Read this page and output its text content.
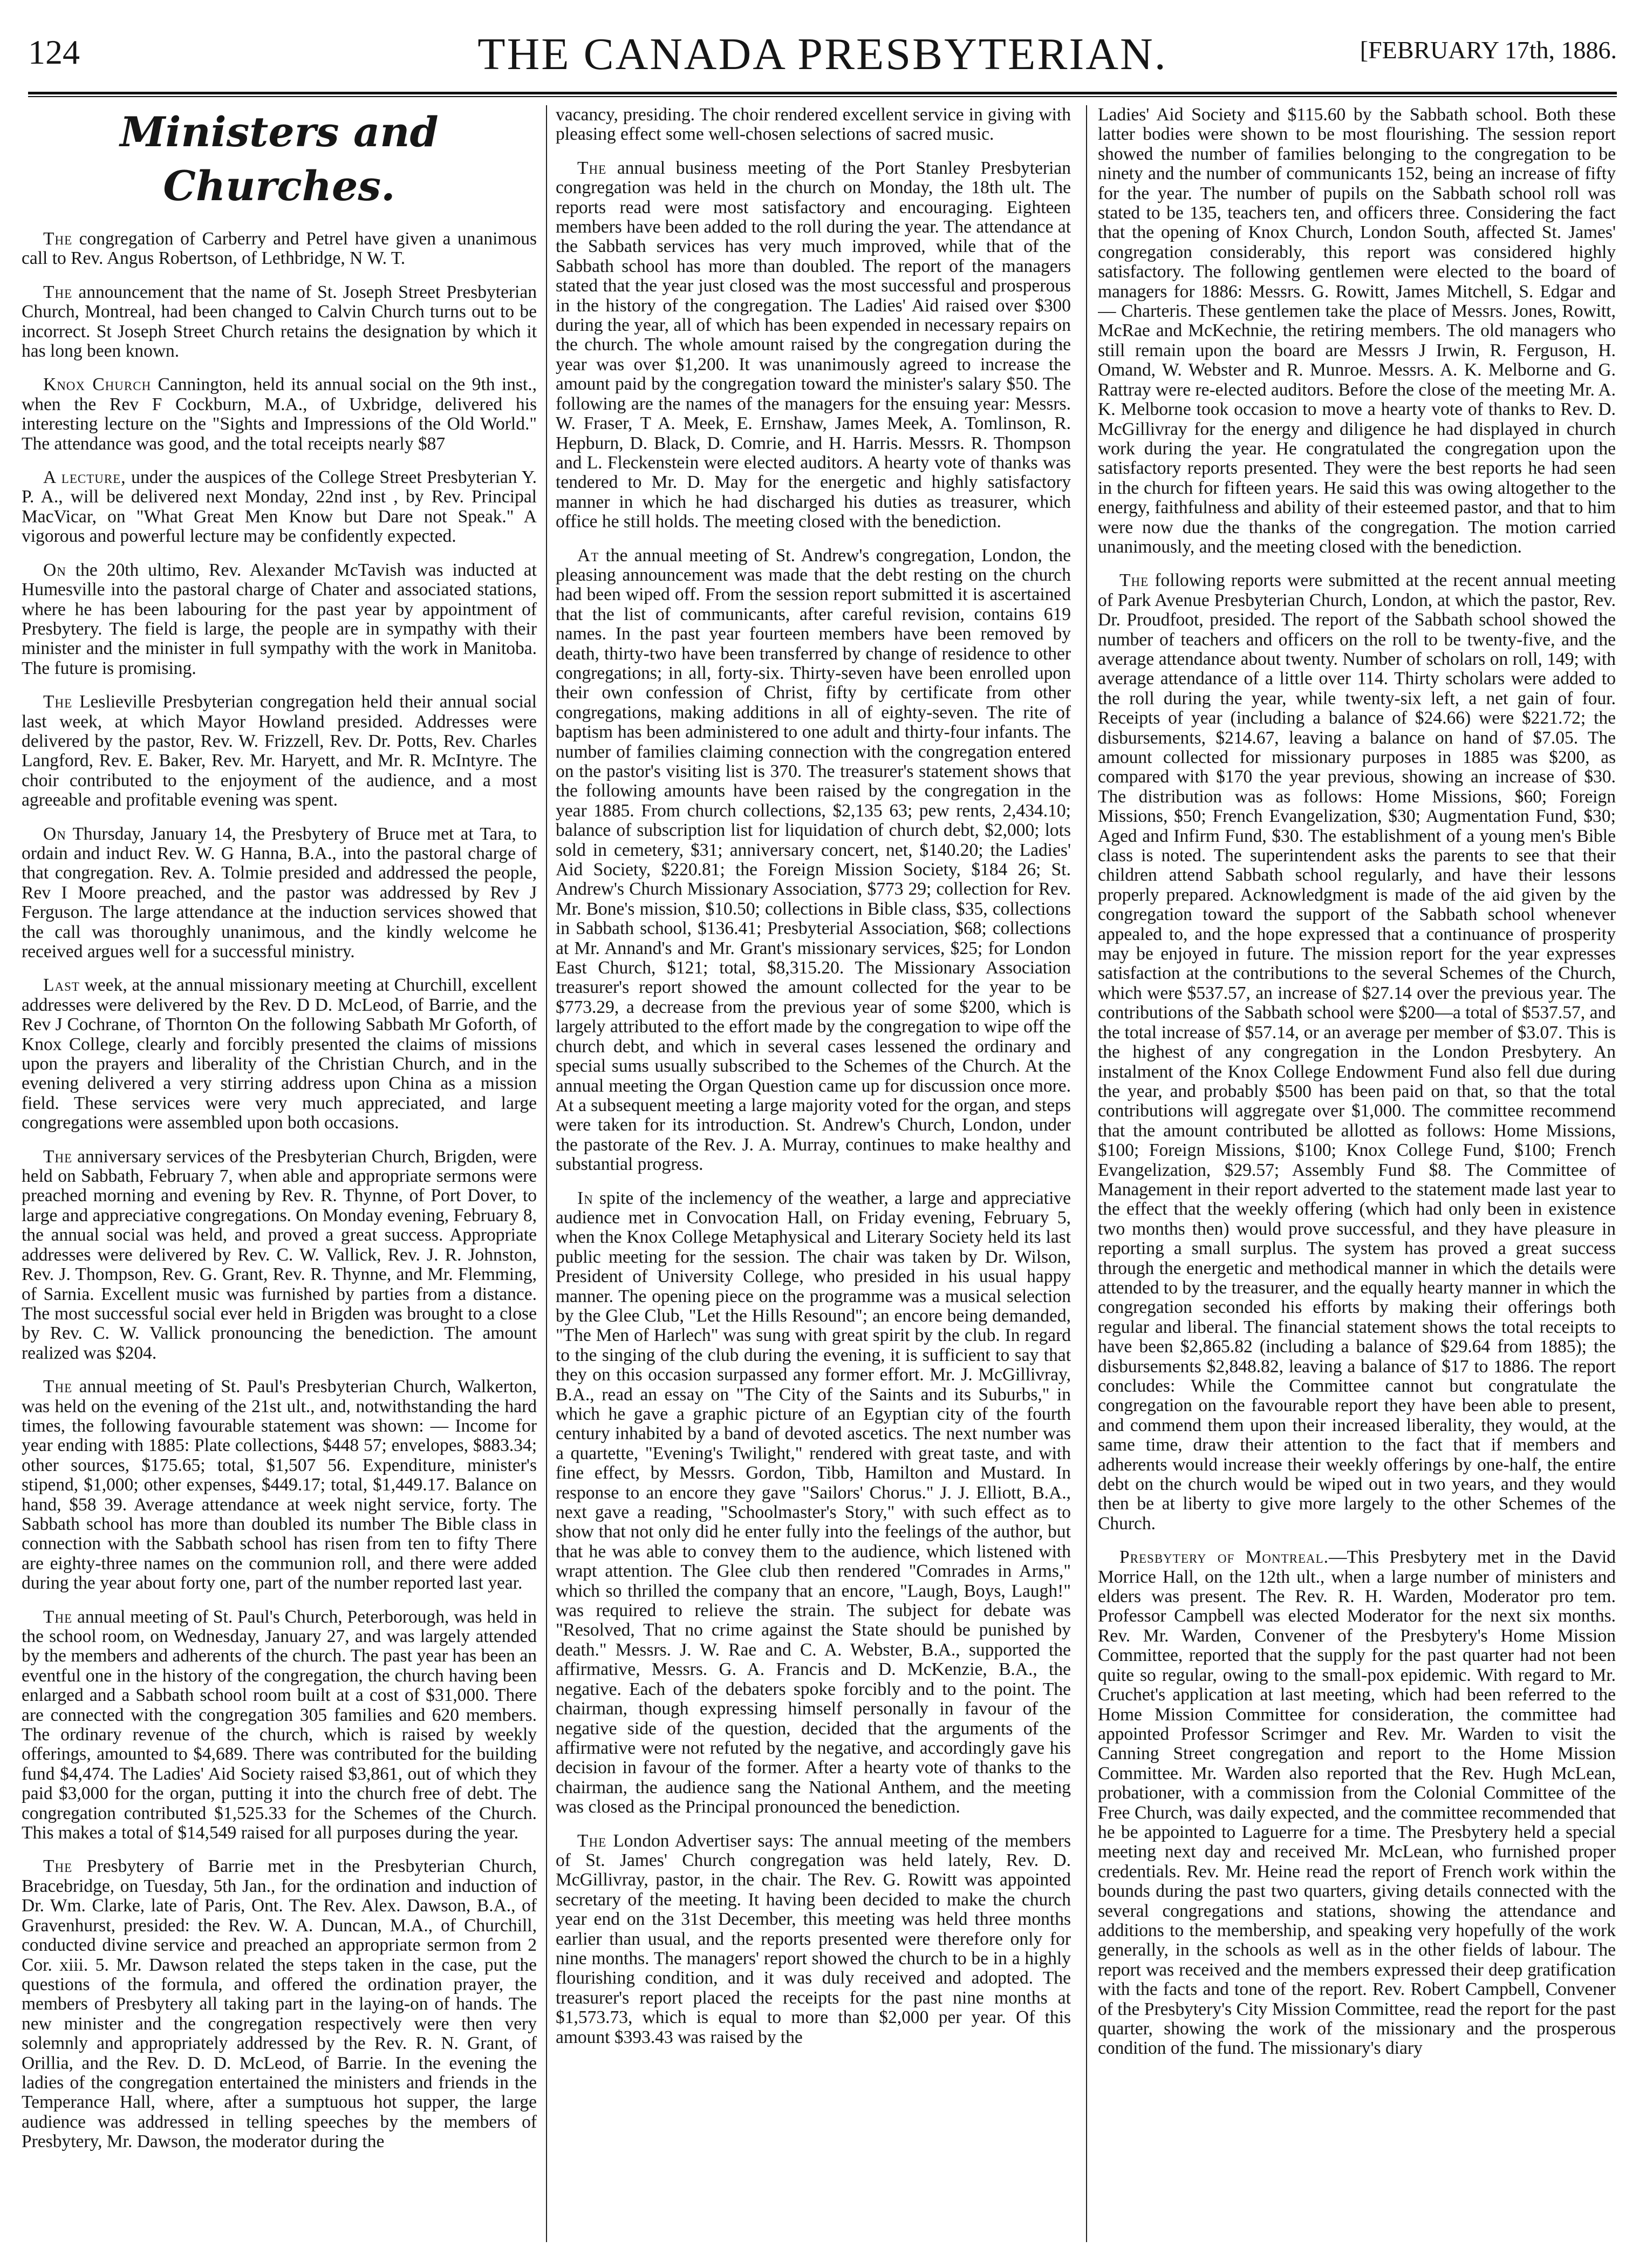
124	THE CANADA PRESBYTERIAN.	[FEBRUARY 17th, 1886.
Ministers and Churches.

The congregation of Carberry and Petrel have given a unanimous call to Rev. Angus Robertson, of Lethbridge, N W. T.

The announcement that the name of St. Joseph Street Presbyterian Church, Montreal, had been changed to Calvin Church turns out to be incorrect. St Joseph Street Church retains the designation by which it has long been known.

Knox Church Cannington, held its annual social on the 9th inst., when the Rev F Cockburn, M.A., of Uxbridge, delivered his interesting lecture on the "Sights and Impressions of the Old World." The attendance was good, and the total receipts nearly $87

A lecture, under the auspices of the College Street Presbyterian Y. P. A., will be delivered next Monday, 22nd inst , by Rev. Principal MacVicar, on "What Great Men Know but Dare not Speak." A vigorous and powerful lecture may be confidently expected.

On the 20th ultimo, Rev. Alexander McTavish was inducted at Humesville into the pastoral charge of Chater and associated stations, where he has been labouring for the past year by appointment of Presbytery. The field is large, the people are in sympathy with their minister and the minister in full sympathy with the work in Manitoba. The future is promising.

The Leslieville Presbyterian congregation held their annual social last week, at which Mayor Howland presided. Addresses were delivered by the pastor, Rev. W. Frizzell, Rev. Dr. Potts, Rev. Charles Langford, Rev. E. Baker, Rev. Mr. Haryett, and Mr. R. McIntyre. The choir contributed to the enjoyment of the audience, and a most agreeable and profitable evening was spent.

On Thursday, January 14, the Presbytery of Bruce met at Tara, to ordain and induct Rev. W. G Hanna, B.A., into the pastoral charge of that congregation. Rev. A. Tolmie presided and addressed the people, Rev I Moore preached, and the pastor was addressed by Rev J Ferguson. The large attendance at the induction services showed that the call was thoroughly unanimous, and the kindly welcome he received argues well for a successful ministry.

Last week, at the annual missionary meeting at Churchill, excellent addresses were delivered by the Rev. D D. McLeod, of Barrie, and the Rev J Cochrane, of Thornton On the following Sabbath Mr Goforth, of Knox College, clearly and forcibly presented the claims of missions upon the prayers and liberality of the Christian Church, and in the evening delivered a very stirring address upon China as a mission field. These services were very much appreciated, and large congregations were assembled upon both occasions.

The anniversary services of the Presbyterian Church, Brigden, were held on Sabbath, February 7, when able and appropriate sermons were preached morning and evening by Rev. R. Thynne, of Port Dover, to large and appreciative congregations. On Monday evening, February 8, the annual social was held, and proved a great success. Appropriate addresses were delivered by Rev. C. W. Vallick, Rev. J. R. Johnston, Rev. J. Thompson, Rev. G. Grant, Rev. R. Thynne, and Mr. Flemming, of Sarnia. Excellent music was furnished by parties from a distance. The most successful social ever held in Brigden was brought to a close by Rev. C. W. Vallick pronouncing the benediction. The amount realized was $204.

The annual meeting of St. Paul's Presbyterian Church, Walkerton, was held on the evening of the 21st ult., and, notwithstanding the hard times, the following favourable statement was shown: — Income for year ending with 1885: Plate collections, $448 57; envelopes, $883.34; other sources, $175.65; total, $1,507 56. Expenditure, minister's stipend, $1,000; other expenses, $449.17; total, $1,449.17. Balance on hand, $58 39. Average attendance at week night service, forty. The Sabbath school has more than doubled its number The Bible class in connection with the Sabbath school has risen from ten to fifty There are eighty-three names on the communion roll, and there were added during the year about forty one, part of the number reported last year.

The annual meeting of St. Paul's Church, Peterborough, was held in the school room, on Wednesday, January 27, and was largely attended by the members and adherents of the church. The past year has been an eventful one in the history of the congregation, the church having been enlarged and a Sabbath school room built at a cost of $31,000. There are connected with the congregation 305 families and 620 members. The ordinary revenue of the church, which is raised by weekly offerings, amounted to $4,689. There was contributed for the building fund $4,474. The Ladies' Aid Society raised $3,861, out of which they paid $3,000 for the organ, putting it into the church free of debt. The congregation contributed $1,525.33 for the Schemes of the Church. This makes a total of $14,549 raised for all purposes during the year.

The Presbytery of Barrie met in the Presbyterian Church, Bracebridge, on Tuesday, 5th Jan., for the ordination and induction of Dr. Wm. Clarke, late of Paris, Ont. The Rev. Alex. Dawson, B.A., of Gravenhurst, presided: the Rev. W. A. Duncan, M.A., of Churchill, conducted divine service and preached an appropriate sermon from 2 Cor. xiii. 5. Mr. Dawson related the steps taken in the case, put the questions of the formula, and offered the ordination prayer, the members of Presbytery all taking part in the laying-on of hands. The new minister and the congregation respectively were then very solemnly and appropriately addressed by the Rev. R. N. Grant, of Orillia, and the Rev. D. D. McLeod, of Barrie. In the evening the ladies of the congregation entertained the ministers and friends in the Temperance Hall, where, after a sumptuous hot supper, the large audience was addressed in telling speeches by the members of Presbytery, Mr. Dawson, the moderator during the

vacancy, presiding. The choir rendered excellent service in giving with pleasing effect some well-chosen selections of sacred music.

The annual business meeting of the Port Stanley Presbyterian congregation was held in the church on Monday, the 18th ult. The reports read were most satisfactory and encouraging. Eighteen members have been added to the roll during the year. The attendance at the Sabbath services has very much improved, while that of the Sabbath school has more than doubled. The report of the managers stated that the year just closed was the most successful and prosperous in the history of the congregation. The Ladies' Aid raised over $300 during the year, all of which has been expended in necessary repairs on the church. The whole amount raised by the congregation during the year was over $1,200. It was unanimously agreed to increase the amount paid by the congregation toward the minister's salary $50. The following are the names of the managers for the ensuing year: Messrs. W. Fraser, T A. Meek, E. Ernshaw, James Meek, A. Tomlinson, R. Hepburn, D. Black, D. Comrie, and H. Harris. Messrs. R. Thompson and L. Fleckenstein were elected auditors. A hearty vote of thanks was tendered to Mr. D. May for the energetic and highly satisfactory manner in which he had discharged his duties as treasurer, which office he still holds. The meeting closed with the benediction.

At the annual meeting of St. Andrew's congregation, London, the pleasing announcement was made that the debt resting on the church had been wiped off. From the session report submitted it is ascertained that the list of communicants, after careful revision, contains 619 names. In the past year fourteen members have been removed by death, thirty-two have been transferred by change of residence to other congregations; in all, forty-six. Thirty-seven have been enrolled upon their own confession of Christ, fifty by certificate from other congregations, making additions in all of eighty-seven. The rite of baptism has been administered to one adult and thirty-four infants. The number of families claiming connection with the congregation entered on the pastor's visiting list is 370. The treasurer's statement shows that the following amounts have been raised by the congregation in the year 1885. From church collections, $2,135 63; pew rents, 2,434.10; balance of subscription list for liquidation of church debt, $2,000; lots sold in cemetery, $31; anniversary concert, net, $140.20; the Ladies' Aid Society, $220.81; the Foreign Mission Society, $184 26; St. Andrew's Church Missionary Association, $773 29; collection for Rev. Mr. Bone's mission, $10.50; collections in Bible class, $35, collections in Sabbath school, $136.41; Presbyterial Association, $68; collections at Mr. Annand's and Mr. Grant's missionary services, $25; for London East Church, $121; total, $8,315.20. The Missionary Association treasurer's report showed the amount collected for the year to be $773.29, a decrease from the previous year of some $200, which is largely attributed to the effort made by the congregation to wipe off the church debt, and which in several cases lessened the ordinary and special sums usually subscribed to the Schemes of the Church. At the annual meeting the Organ Question came up for discussion once more. At a subsequent meeting a large majority voted for the organ, and steps were taken for its introduction. St. Andrew's Church, London, under the pastorate of the Rev. J. A. Murray, continues to make healthy and substantial progress.

In spite of the inclemency of the weather, a large and appreciative audience met in Convocation Hall, on Friday evening, February 5, when the Knox College Metaphysical and Literary Society held its last public meeting for the session. The chair was taken by Dr. Wilson, President of University College, who presided in his usual happy manner. The opening piece on the programme was a musical selection by the Glee Club, "Let the Hills Resound"; an encore being demanded, "The Men of Harlech" was sung with great spirit by the club. In regard to the singing of the club during the evening, it is sufficient to say that they on this occasion surpassed any former effort. Mr. J. McGillivray, B.A., read an essay on "The City of the Saints and its Suburbs," in which he gave a graphic picture of an Egyptian city of the fourth century inhabited by a band of devoted ascetics. The next number was a quartette, "Evening's Twilight," rendered with great taste, and with fine effect, by Messrs. Gordon, Tibb, Hamilton and Mustard. In response to an encore they gave "Sailors' Chorus." J. J. Elliott, B.A., next gave a reading, "Schoolmaster's Story," with such effect as to show that not only did he enter fully into the feelings of the author, but that he was able to convey them to the audience, which listened with wrapt attention. The Glee club then rendered "Comrades in Arms," which so thrilled the company that an encore, "Laugh, Boys, Laugh!" was required to relieve the strain. The subject for debate was "Resolved, That no crime against the State should be punished by death." Messrs. J. W. Rae and C. A. Webster, B.A., supported the affirmative, Messrs. G. A. Francis and D. McKenzie, B.A., the negative. Each of the debaters spoke forcibly and to the point. The chairman, though expressing himself personally in favour of the negative side of the question, decided that the arguments of the affirmative were not refuted by the negative, and accordingly gave his decision in favour of the former. After a hearty vote of thanks to the chairman, the audience sang the National Anthem, and the meeting was closed as the Principal pronounced the benediction.

The London Advertiser says: The annual meeting of the members of St. James' Church congregation was held lately, Rev. D. McGillivray, pastor, in the chair. The Rev. G. Rowitt was appointed secretary of the meeting. It having been decided to make the church year end on the 31st December, this meeting was held three months earlier than usual, and the reports presented were therefore only for nine months. The managers' report showed the church to be in a highly flourishing condition, and it was duly received and adopted. The treasurer's report placed the receipts for the past nine months at $1,573.73, which is equal to more than $2,000 per year. Of this amount $393.43 was raised by the

Ladies' Aid Society and $115.60 by the Sabbath school. Both these latter bodies were shown to be most flourishing. The session report showed the number of families belonging to the congregation to be ninety and the number of communicants 152, being an increase of fifty for the year. The number of pupils on the Sabbath school roll was stated to be 135, teachers ten, and officers three. Considering the fact that the opening of Knox Church, London South, affected St. James' congregation considerably, this report was considered highly satisfactory. The following gentlemen were elected to the board of managers for 1886: Messrs. G. Rowitt, James Mitchell, S. Edgar and — Charteris. These gentlemen take the place of Messrs. Jones, Rowitt, McRae and McKechnie, the retiring members. The old managers who still remain upon the board are Messrs J Irwin, R. Ferguson, H. Omand, W. Webster and R. Munroe. Messrs. A. K. Melborne and G. Rattray were re-elected auditors. Before the close of the meeting Mr. A. K. Melborne took occasion to move a hearty vote of thanks to Rev. D. McGillivray for the energy and diligence he had displayed in church work during the year. He congratulated the congregation upon the satisfactory reports presented. They were the best reports he had seen in the church for fifteen years. He said this was owing altogether to the energy, faithfulness and ability of their esteemed pastor, and that to him were now due the thanks of the congregation. The motion carried unanimously, and the meeting closed with the benediction.

The following reports were submitted at the recent annual meeting of Park Avenue Presbyterian Church, London, at which the pastor, Rev. Dr. Proudfoot, presided. The report of the Sabbath school showed the number of teachers and officers on the roll to be twenty-five, and the average attendance about twenty. Number of scholars on roll, 149; with average attendance of a little over 114. Thirty scholars were added to the roll during the year, while twenty-six left, a net gain of four. Receipts of year (including a balance of $24.66) were $221.72; the disbursements, $214.67, leaving a balance on hand of $7.05. The amount collected for missionary purposes in 1885 was $200, as compared with $170 the year previous, showing an increase of $30. The distribution was as follows: Home Missions, $60; Foreign Missions, $50; French Evangelization, $30; Augmentation Fund, $30; Aged and Infirm Fund, $30. The establishment of a young men's Bible class is noted. The superintendent asks the parents to see that their children attend Sabbath school regularly, and have their lessons properly prepared. Acknowledgment is made of the aid given by the congregation toward the support of the Sabbath school whenever appealed to, and the hope expressed that a continuance of prosperity may be enjoyed in future. The mission report for the year expresses satisfaction at the contributions to the several Schemes of the Church, which were $537.57, an increase of $27.14 over the previous year. The contributions of the Sabbath school were $200—a total of $537.57, and the total increase of $57.14, or an average per member of $3.07. This is the highest of any congregation in the London Presbytery. An instalment of the Knox College Endowment Fund also fell due during the year, and probably $500 has been paid on that, so that the total contributions will aggregate over $1,000. The committee recommend that the amount contributed be allotted as follows: Home Missions, $100; Foreign Missions, $100; Knox College Fund, $100; French Evangelization, $29.57; Assembly Fund $8. The Committee of Management in their report adverted to the statement made last year to the effect that the weekly offering (which had only been in existence two months then) would prove successful, and they have pleasure in reporting a small surplus. The system has proved a great success through the energetic and methodical manner in which the details were attended to by the treasurer, and the equally hearty manner in which the congregation seconded his efforts by making their offerings both regular and liberal. The financial statement shows the total receipts to have been $2,865.82 (including a balance of $29.64 from 1885); the disbursements $2,848.82, leaving a balance of $17 to 1886. The report concludes: While the Committee cannot but congratulate the congregation on the favourable report they have been able to present, and commend them upon their increased liberality, they would, at the same time, draw their attention to the fact that if members and adherents would increase their weekly offerings by one-half, the entire debt on the church would be wiped out in two years, and they would then be at liberty to give more largely to the other Schemes of the Church.

Presbytery of Montreal.—This Presbytery met in the David Morrice Hall, on the 12th ult., when a large number of ministers and elders was present. The Rev. R. H. Warden, Moderator pro tem. Professor Campbell was elected Moderator for the next six months. Rev. Mr. Warden, Convener of the Presbytery's Home Mission Committee, reported that the supply for the past quarter had not been quite so regular, owing to the small-pox epidemic. With regard to Mr. Cruchet's application at last meeting, which had been referred to the Home Mission Committee for consideration, the committee had appointed Professor Scrimger and Rev. Mr. Warden to visit the Canning Street congregation and report to the Home Mission Committee. Mr. Warden also reported that the Rev. Hugh McLean, probationer, with a commission from the Colonial Committee of the Free Church, was daily expected, and the committee recommended that he be appointed to Laguerre for a time. The Presbytery held a special meeting next day and received Mr. McLean, who furnished proper credentials. Rev. Mr. Heine read the report of French work within the bounds during the past two quarters, giving details connected with the several congregations and stations, showing the attendance and additions to the membership, and speaking very hopefully of the work generally, in the schools as well as in the other fields of labour. The report was received and the members expressed their deep gratification with the facts and tone of the report. Rev. Robert Campbell, Convener of the Presbytery's City Mission Committee, read the report for the past quarter, showing the work of the missionary and the prosperous condition of the fund. The missionary's diary
